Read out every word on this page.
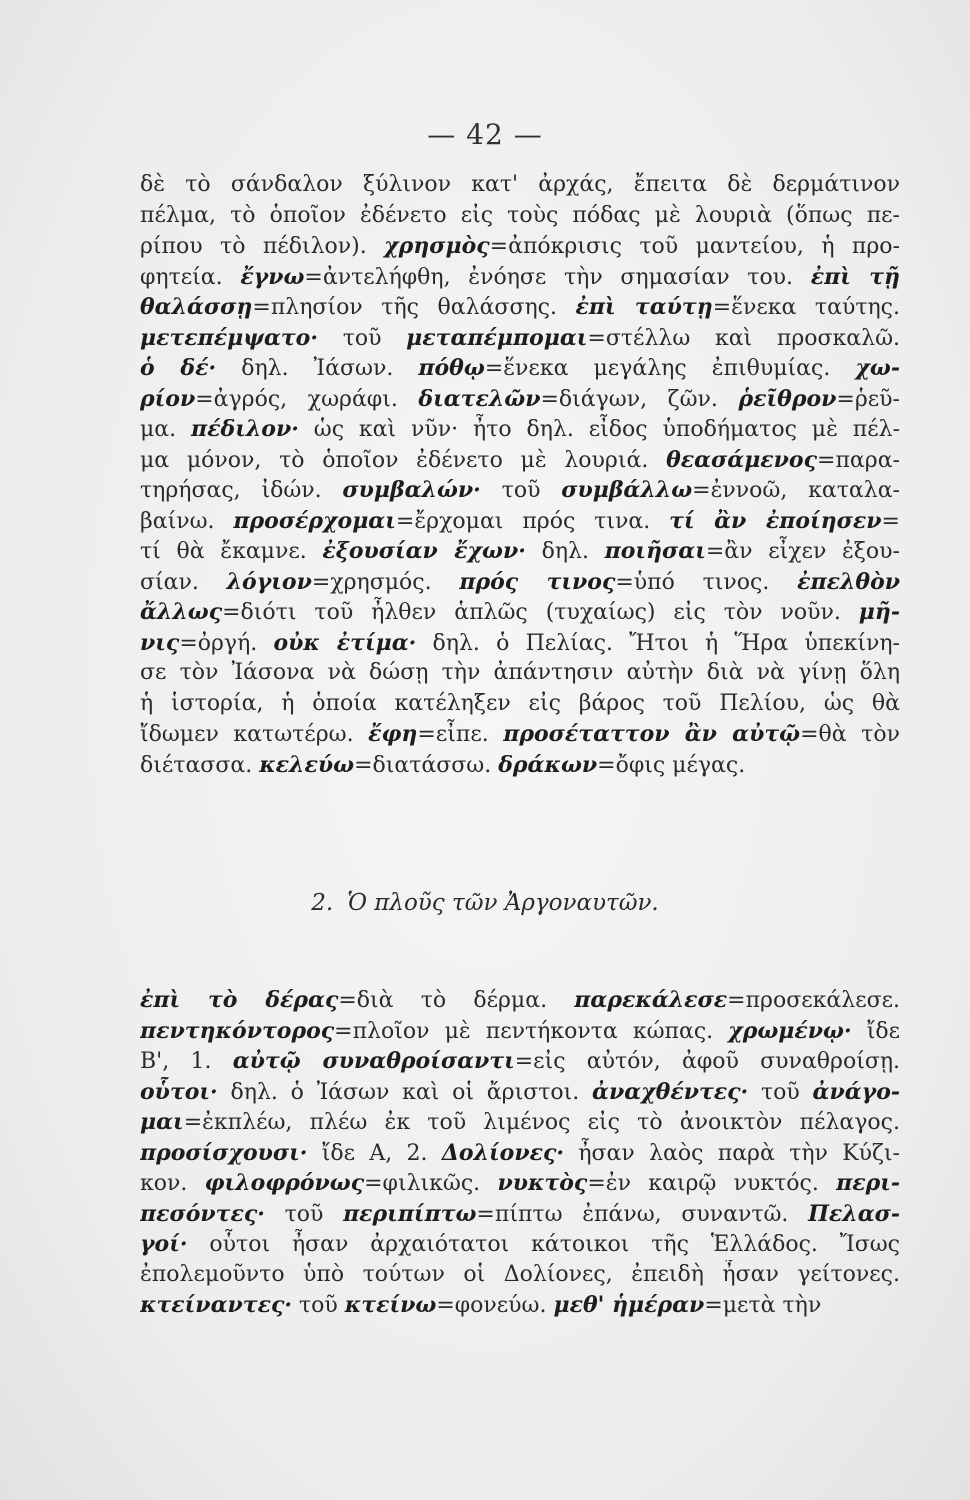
— 42 —
δὲ τὸ σάνδαλον ξύλινον κατ' ἀρχάς, ἔπειτα δὲ δερμάτινον
πέλμα, τὸ ὁποῖον ἐδένετο εἰς τοὺς πόδας μὲ λουριὰ (ὅπως πε-
ρίπου τὸ πέδιλον). χρησμὸς=ἀπόκρισις τοῦ μαντείου, ἡ προ-
φητεία. ἔγνω=ἀντελήφθη, ἐνόησε τὴν σημασίαν του. ἐπὶ τῇ
θαλάσσῃ=πλησίον τῆς θαλάσσης. ἐπὶ ταύτῃ=ἕνεκα ταύτης.
μετεπέμψατο· τοῦ μεταπέμπομαι=στέλλω καὶ προσκαλῶ.
ὁ δέ· δηλ. Ἰάσων. πόθῳ=ἕνεκα μεγάλης ἐπιθυμίας. χω-
ρίον=ἀγρός, χωράφι. διατελῶν=διάγων, ζῶν. ῥεῖθρον=ῥεῦ-
μα. πέδιλον· ὡς καὶ νῦν· ἦτο δηλ. εἶδος ὑποδήματος μὲ πέλ-
μα μόνον, τὸ ὁποῖον ἐδένετο μὲ λουριά. θεασάμενος=παρα-
τηρήσας, ἰδών. συμβαλών· τοῦ συμβάλλω=ἐννοῶ, καταλα-
βαίνω. προσέρχομαι=ἔρχομαι πρός τινα. τί ἂν ἐποίησεν=
τί θὰ ἔκαμνε. ἐξουσίαν ἔχων· δηλ. ποιῆσαι=ἂν εἶχεν ἐξου-
σίαν. λόγιον=χρησμός. πρός τινος=ὑπό τινος. ἐπελθὸν
ἄλλως=διότι τοῦ ἦλθεν ἁπλῶς (τυχαίως) εἰς τὸν νοῦν. μῆ-
νις=ὀργή. οὐκ ἐτίμα· δηλ. ὁ Πελίας. Ἤτοι ἡ Ἥρα ὑπεκίνη-
σε τὸν Ἰάσονα νὰ δώσῃ τὴν ἀπάντησιν αὐτὴν διὰ νὰ γίνῃ ὅλη
ἡ ἱστορία, ἡ ὁποία κατέληξεν εἰς βάρος τοῦ Πελίου, ὡς θὰ
ἴδωμεν κατωτέρω. ἔφη=εἶπε. προσέταττον ἂν αὐτῷ=θὰ τὸν
διέτασσα. κελεύω=διατάσσω. δράκων=ὄφις μέγας.
2. Ὁ πλοῦς τῶν Ἀργοναυτῶν.
ἐπὶ τὸ δέρας=διὰ τὸ δέρμα. παρεκάλεσε=προσεκάλεσε.
πεντηκόντορος=πλοῖον μὲ πεντήκοντα κώπας. χρωμένῳ· ἴδε
Β', 1. αὐτῷ συναθροίσαντι=εἰς αὐτόν, ἀφοῦ συναθροίσῃ.
οὗτοι· δηλ. ὁ Ἰάσων καὶ οἱ ἄριστοι. ἀναχθέντες· τοῦ ἀνάγο-
μαι=ἐκπλέω, πλέω ἐκ τοῦ λιμένος εἰς τὸ ἀνοικτὸν πέλαγος.
προσίσχουσι· ἴδε Α, 2. Δολίονες· ἦσαν λαὸς παρὰ τὴν Κύζι-
κον. φιλοφρόνως=φιλικῶς. νυκτὸς=ἐν καιρῷ νυκτός. περι-
πεσόντες· τοῦ περιπίπτω=πίπτω ἐπάνω, συναντῶ. Πελασ-
γοί· οὗτοι ἦσαν ἀρχαιότατοι κάτοικοι τῆς Ἑλλάδος. Ἴσως
ἐπολεμοῦντο ὑπὸ τούτων οἱ Δολίονες, ἐπειδὴ ἦσαν γείτονες.
κτείναντες· τοῦ κτείνω=φονεύω. μεθ' ἡμέραν=μετὰ τὴν
